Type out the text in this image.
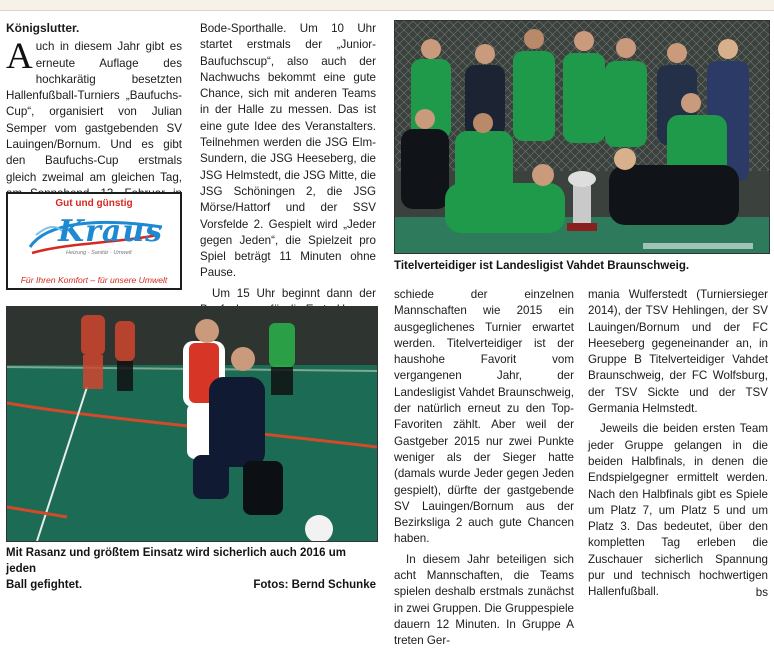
Königslutter.

Auch in diesem Jahr gibt es erneute Auflage des hochkarätig besetzten Hallenfußball-Turniers „Baufuchs-Cup“, organisiert von Julian Semper vom gastgebenden SV Lauingen/Bornum. Und es gibt den Baufuchs-Cup erstmals gleich zweimal am gleichen Tag,

Gut und günstig
Kraus
Heizung · Sanitär · Umwelt
Für Ihren Komfort – für unsere Umwelt

Bode-Sporthalle. Um 10 Uhr startet erstmals der „Junior-Baufuchscup“, also auch der Nachwuchs bekommt eine gute Chance, sich mit anderen Teams in der Halle zu messen. Das ist eine gute Idee des Veranstalters. Teilnehmen werden die JSG Elm-Sundern, die JSG Heeseberg, die JSG Helmstedt, die JSG Mitte, die JSG Schöningen 2, die JSG Mörse/Hattorf und der SSV Vorsfelde 2. Gespielt wird „Jeder gegen Jeden“, die Spielzeit pro Spiel beträgt 11 Minuten ohne Pause.

Um 15 Uhr beginnt dann der

Titelverteidiger ist Landesligist Vahdet Braunschweig.
Mit Rasanz und größtem Einsatz wird sicherlich auch 2016 um jeden
Ball gefightet.	Fotos: Bernd Schunke

schiede der einzelnen Mannschaften wie 2015 ein ausgeglichenes Turnier erwartet werden. Titelverteidiger ist der haushohe Favorit vom vergangenen Jahr, der Landesligist Vahdet Braunschweig, der natürlich erneut zu den Top-Favoriten zählt. Aber weil der Gastgeber 2015 nur zwei Punkte weniger als der Sieger hatte (damals wurde Jeder gegen Jeden gespielt), dürfte der gastgebende SV Lauingen/Bornum aus der Bezirksliga 2 auch gute Chancen haben.

In diesem Jahr beteiligen sich acht Mannschaften, die Teams spielen deshalb erstmals zunächst in zwei Gruppen. Die Gruppespiele dauern 12 Minuten. In Gruppe A treten Ger-

mania Wulferstedt (Turniersieger 2014), der TSV Hehlingen, der SV Lauingen/Bornum und der FC Heeseberg gegeneinander an, in Gruppe B Titelverteidiger Vahdet Braunschweig, der FC Wolfsburg, der TSV Sickte und der TSV Germania Helmstedt.

Jeweils die beiden ersten Team jeder Gruppe gelangen in die beiden Halbfinals, in denen die Endspielgegner ermittelt werden. Nach den Halbfinals gibt es Spiele um Platz 7, um Platz 5 und um Platz 3. Das bedeutet, über den kompletten Tag erleben die Zuschauer sicherlich Spannung pur und technisch hochwertigen Hallenfußball.	bs
